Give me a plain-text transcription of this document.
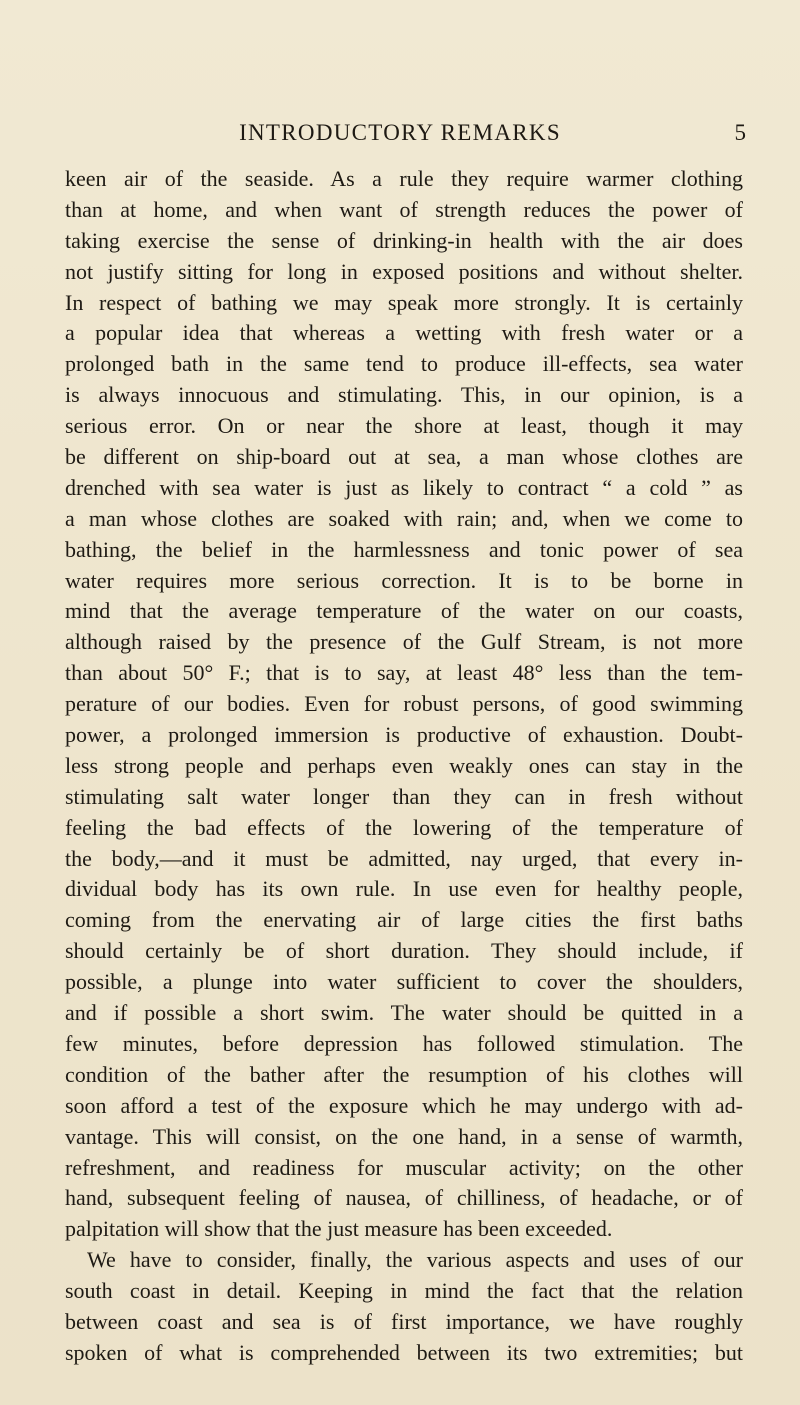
INTRODUCTORY REMARKS	5
keen air of the seaside. As a rule they require warmer clothing
than at home, and when want of strength reduces the power of
taking exercise the sense of drinking-in health with the air does
not justify sitting for long in exposed positions and without shelter.
In respect of bathing we may speak more strongly. It is certainly
a popular idea that whereas a wetting with fresh water or a
prolonged bath in the same tend to produce ill-effects, sea water
is always innocuous and stimulating. This, in our opinion, is a
serious error. On or near the shore at least, though it may
be different on ship-board out at sea, a man whose clothes are
drenched with sea water is just as likely to contract “ a cold ” as
a man whose clothes are soaked with rain; and, when we come to
bathing, the belief in the harmlessness and tonic power of sea
water requires more serious correction. It is to be borne in
mind that the average temperature of the water on our coasts,
although raised by the presence of the Gulf Stream, is not more
than about 50° F.; that is to say, at least 48° less than the tem-
perature of our bodies. Even for robust persons, of good swimming
power, a prolonged immersion is productive of exhaustion. Doubt-
less strong people and perhaps even weakly ones can stay in the
stimulating salt water longer than they can in fresh without
feeling the bad effects of the lowering of the temperature of
the body,—and it must be admitted, nay urged, that every in-
dividual body has its own rule. In use even for healthy people,
coming from the enervating air of large cities the first baths
should certainly be of short duration. They should include, if
possible, a plunge into water sufficient to cover the shoulders,
and if possible a short swim. The water should be quitted in a
few minutes, before depression has followed stimulation. The
condition of the bather after the resumption of his clothes will
soon afford a test of the exposure which he may undergo with ad-
vantage. This will consist, on the one hand, in a sense of warmth,
refreshment, and readiness for muscular activity; on the other
hand, subsequent feeling of nausea, of chilliness, of headache, or of
palpitation will show that the just measure has been exceeded.
We have to consider, finally, the various aspects and uses of our
south coast in detail. Keeping in mind the fact that the relation
between coast and sea is of first importance, we have roughly
spoken of what is comprehended between its two extremities; but
